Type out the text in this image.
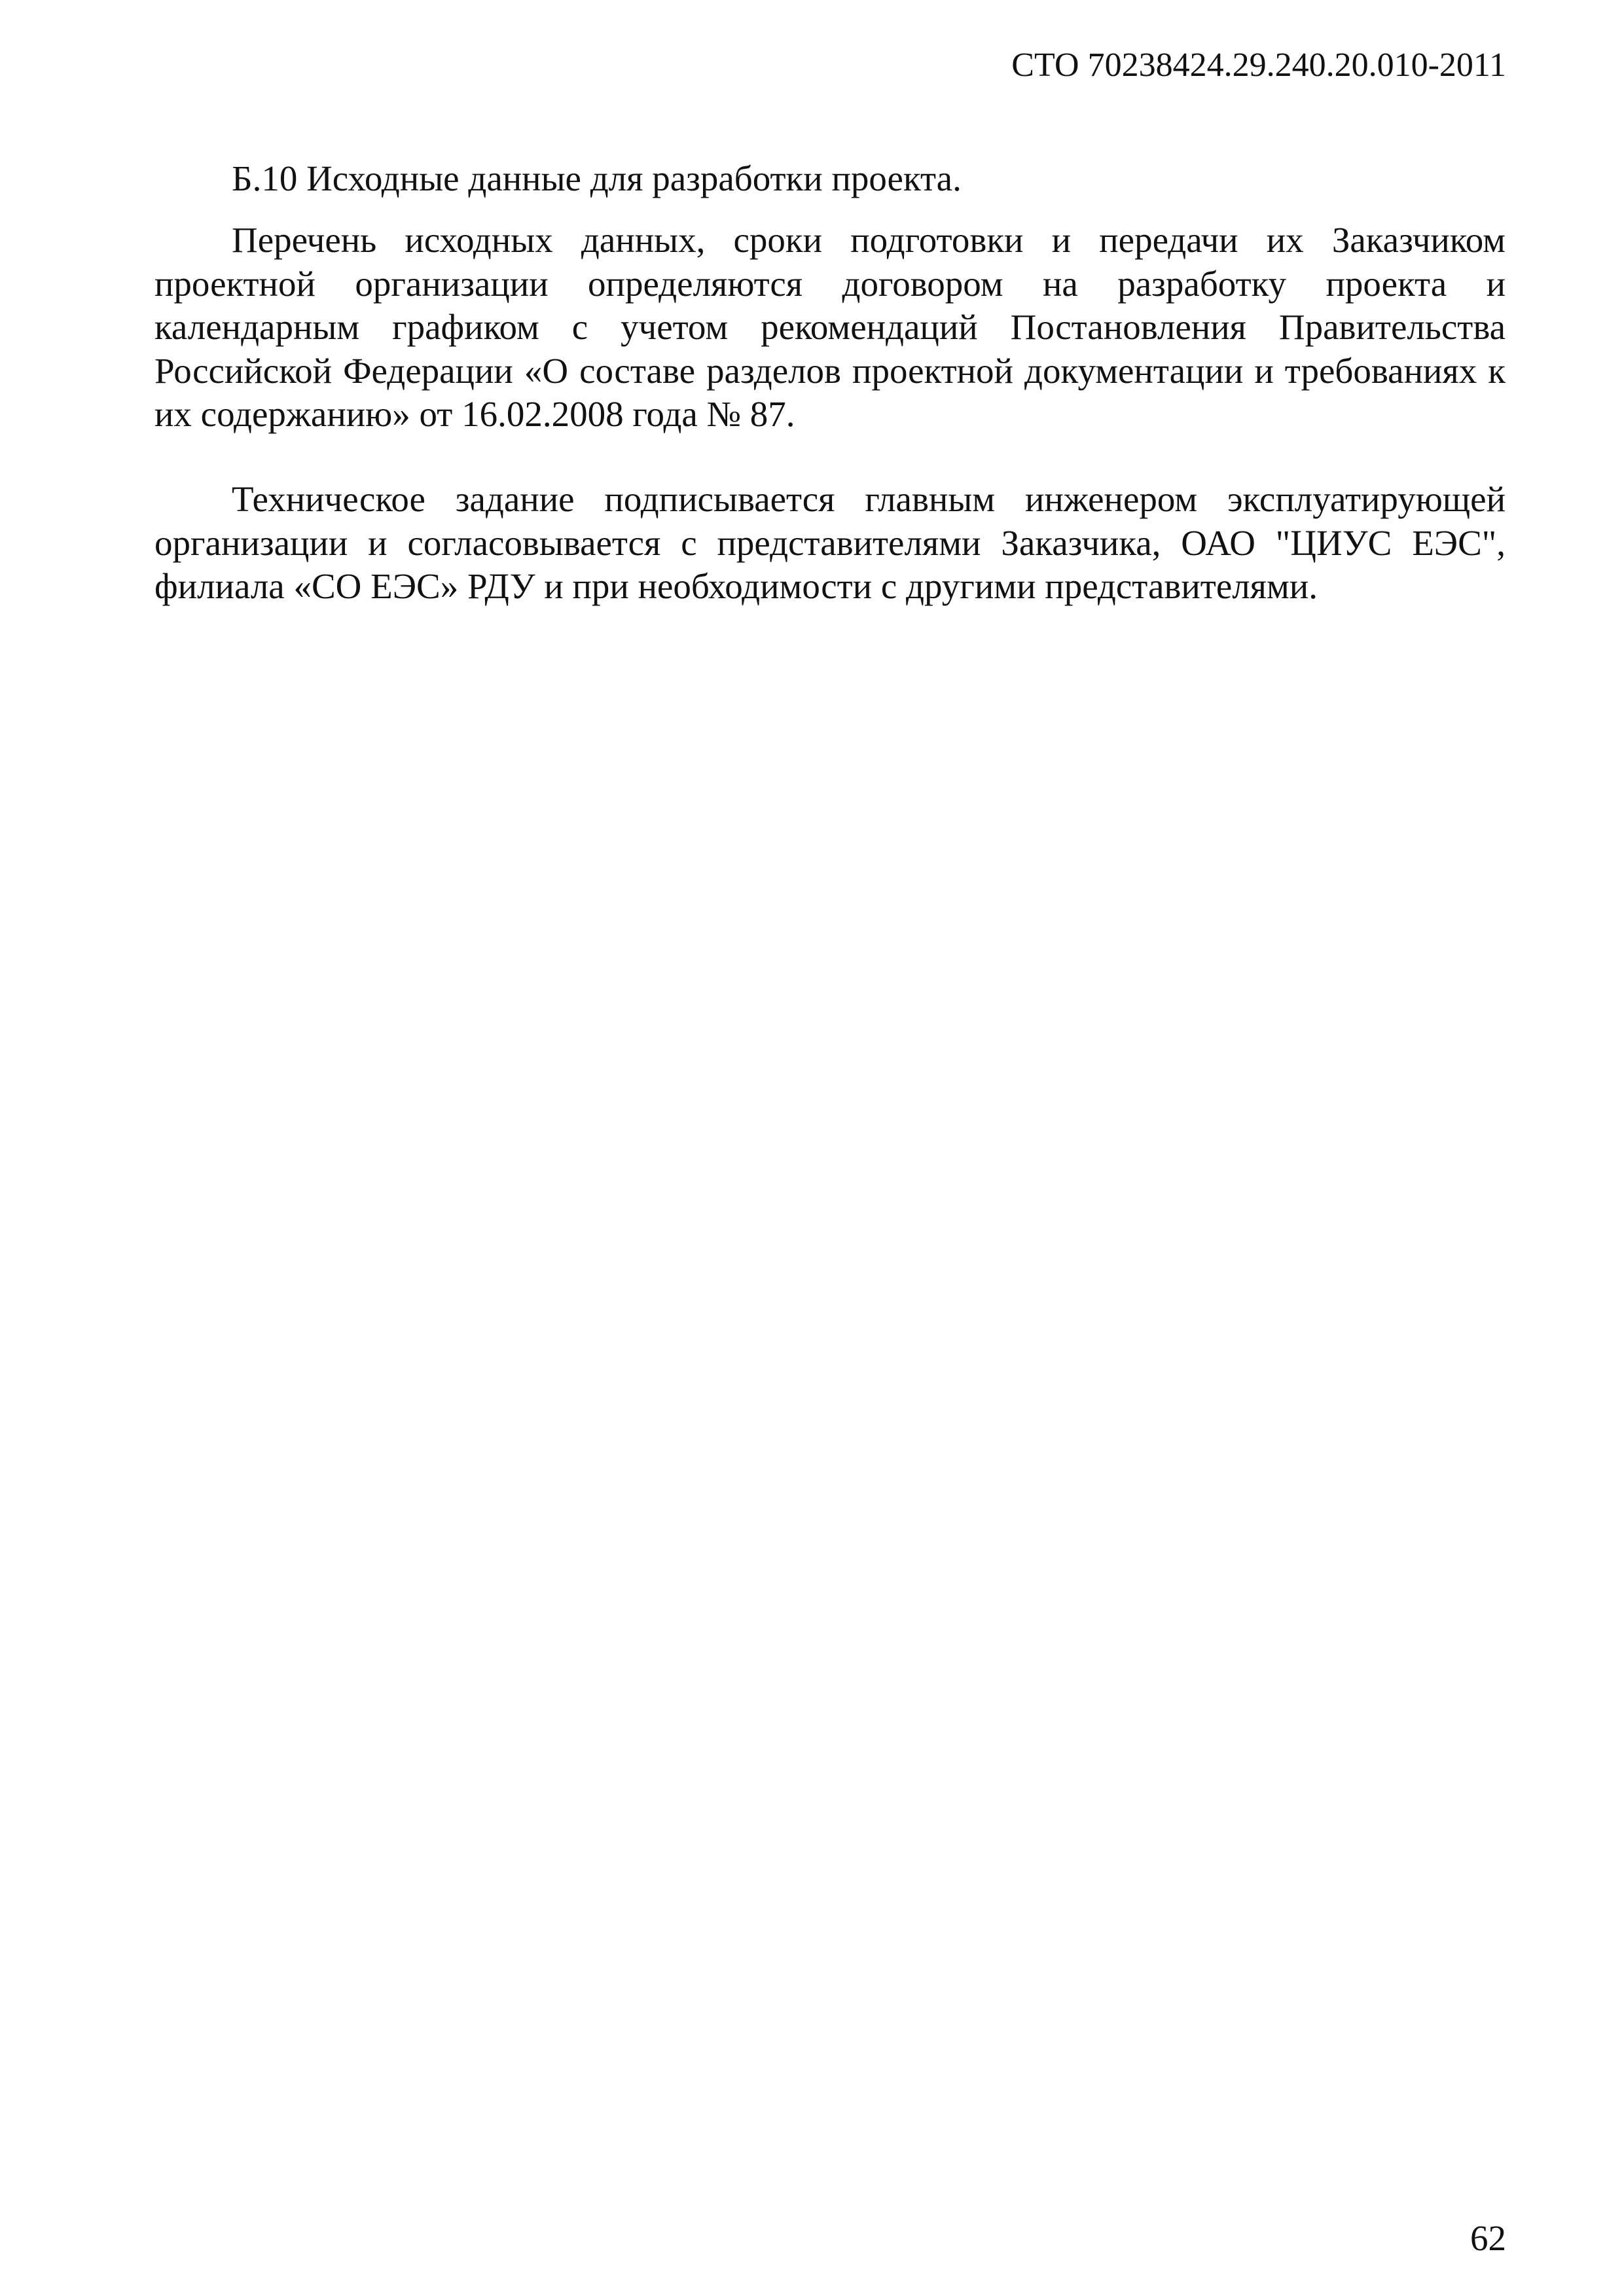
СТО 70238424.29.240.20.010-2011
Б.10 Исходные данные для разработки проекта.
Перечень исходных данных, сроки подготовки и передачи их Заказчиком проектной организации определяются договором на разработку проекта и календарным графиком с учетом рекомендаций Постановления Правительства Российской Федерации «О составе разделов проектной документации и требованиях к их содержанию» от 16.02.2008 года № 87.
Техническое задание подписывается главным инженером эксплуатирующей организации и согласовывается с представителями Заказчика, ОАО "ЦИУС ЕЭС", филиала «СО ЕЭС» РДУ и при необходимости с другими представителями.
62
